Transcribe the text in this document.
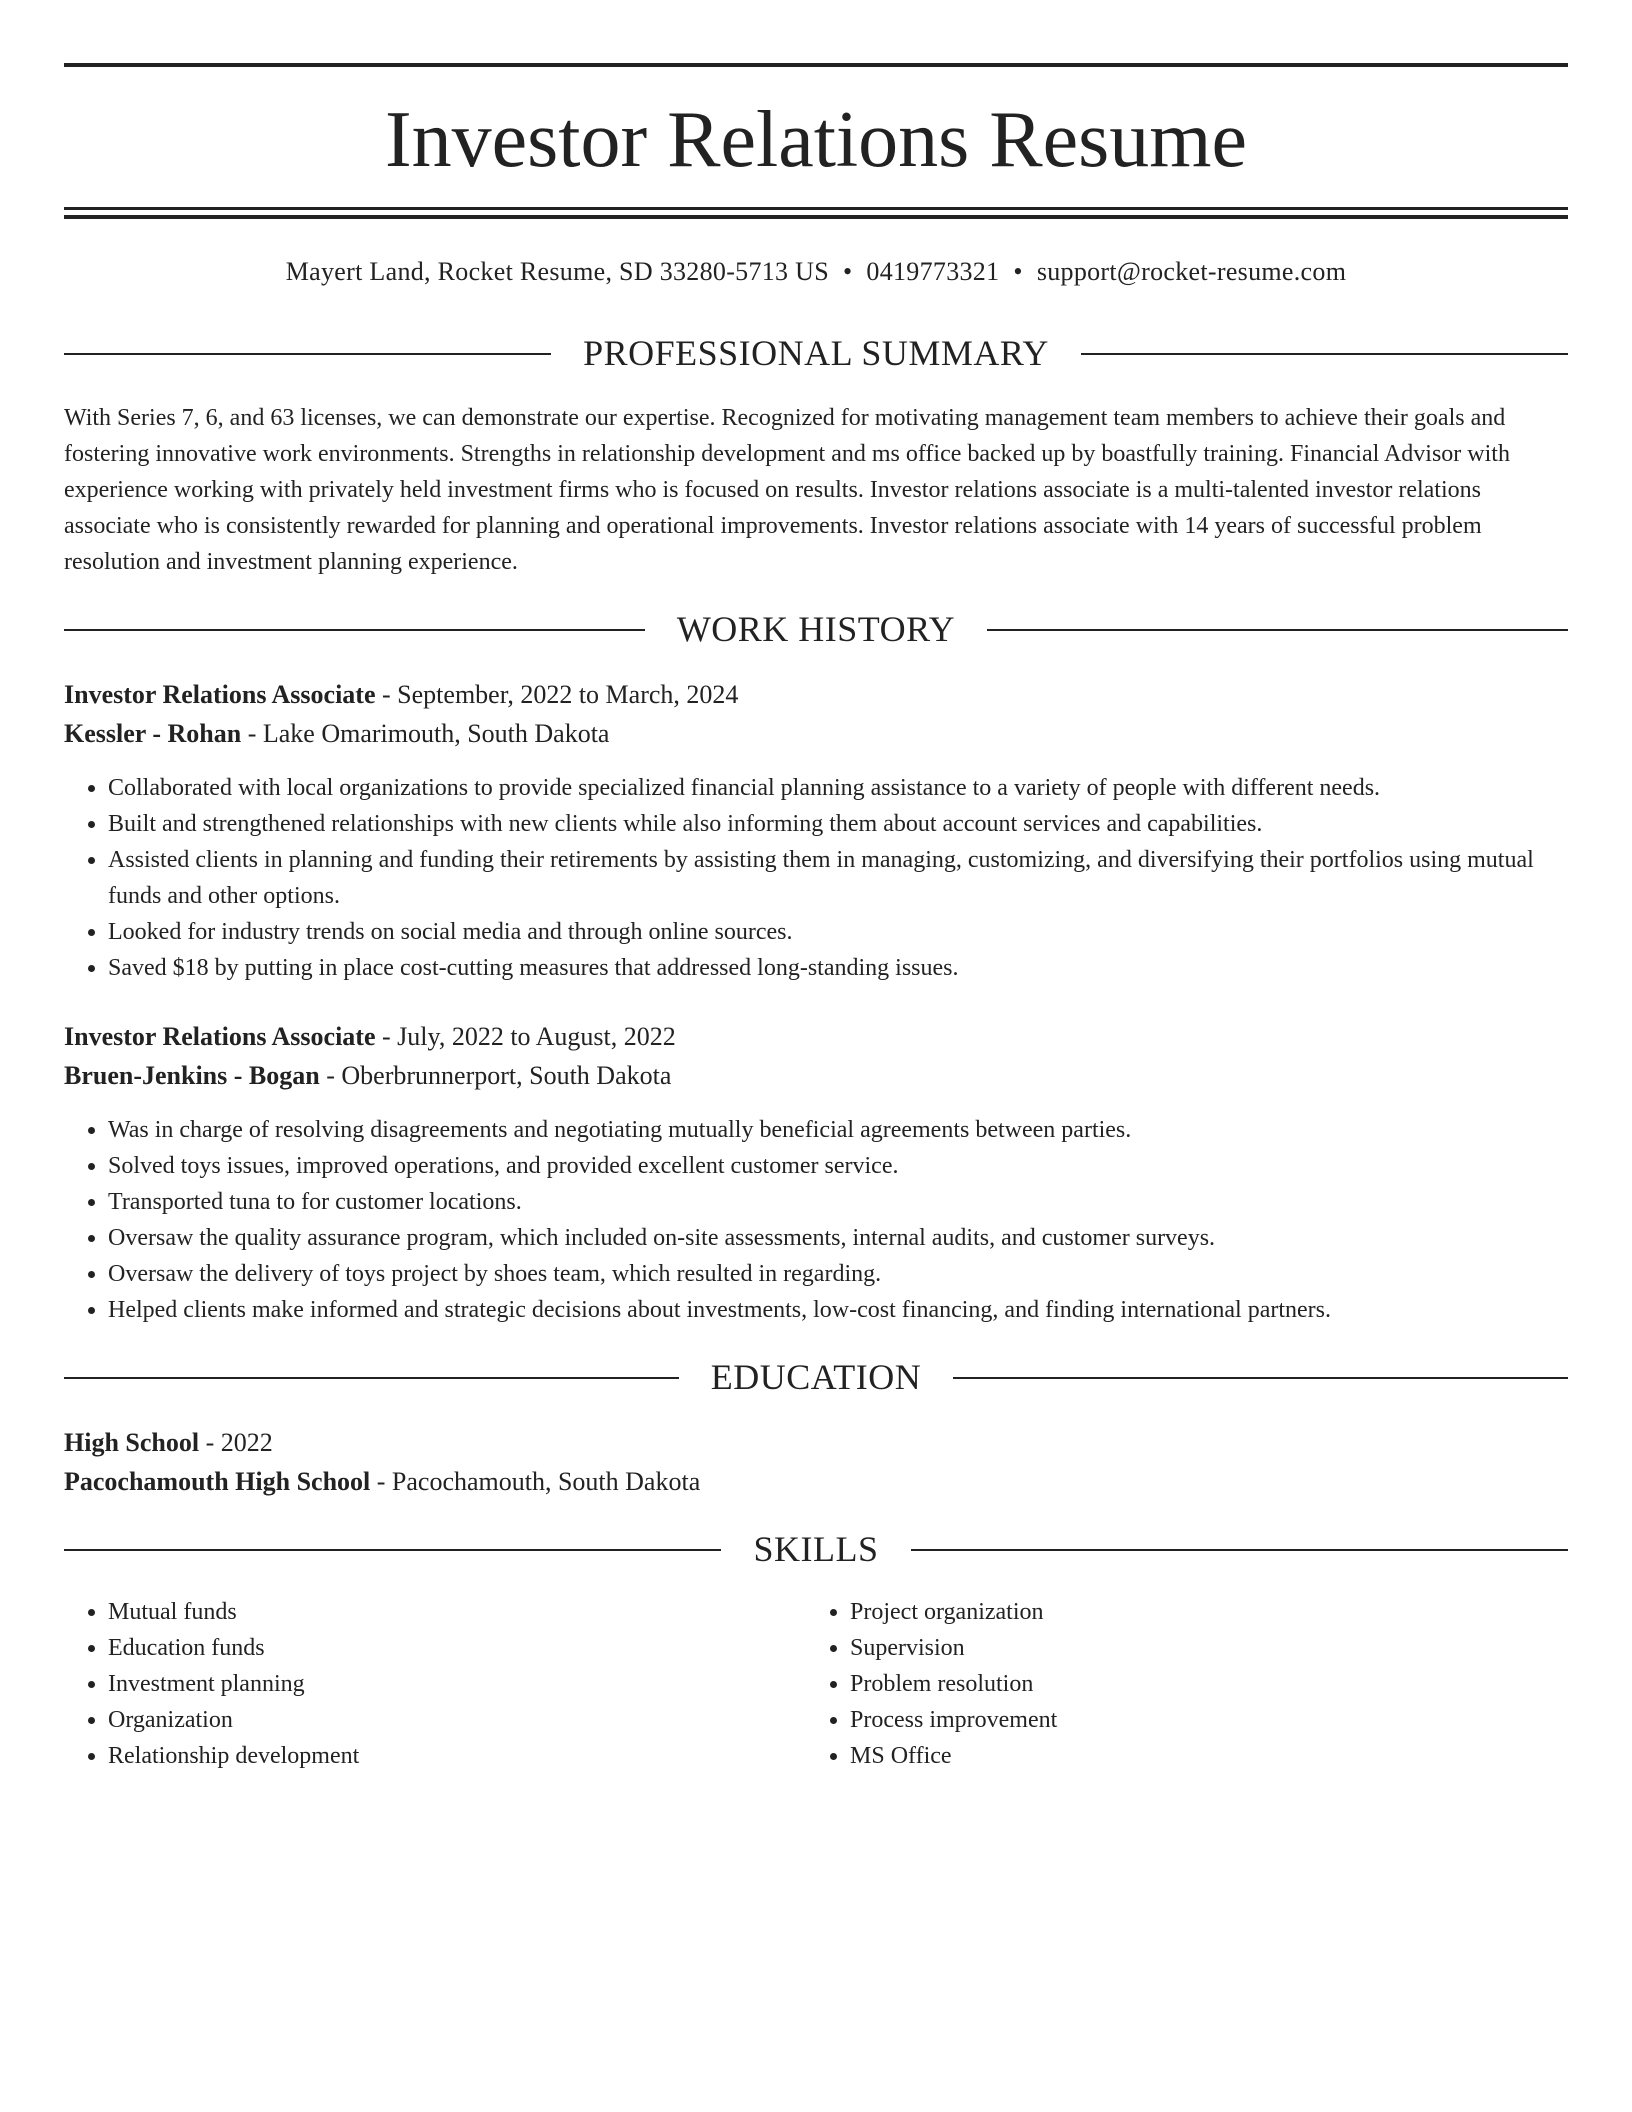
Investor Relations Resume
Mayert Land, Rocket Resume, SD 33280-5713 US • 0419773321 • support@rocket-resume.com
PROFESSIONAL SUMMARY

With Series 7, 6, and 63 licenses, we can demonstrate our expertise. Recognized for motivating management team members to achieve their goals and fostering innovative work environments. Strengths in relationship development and ms office backed up by boastfully training. Financial Advisor with experience working with privately held investment firms who is focused on results. Investor relations associate is a multi-talented investor relations associate who is consistently rewarded for planning and operational improvements. Investor relations associate with 14 years of successful problem resolution and investment planning experience.

WORK HISTORY

Investor Relations Associate - September, 2022 to March, 2024

Kessler - Rohan - Lake Omarimouth, South Dakota

• Collaborated with local organizations to provide specialized financial planning assistance to a variety of people with different needs.
• Built and strengthened relationships with new clients while also informing them about account services and capabilities.
• Assisted clients in planning and funding their retirements by assisting them in managing, customizing, and diversifying their portfolios using mutual funds and other options.
• Looked for industry trends on social media and through online sources.
• Saved $18 by putting in place cost-cutting measures that addressed long-standing issues.

Investor Relations Associate - July, 2022 to August, 2022

Bruen-Jenkins - Bogan - Oberbrunnerport, South Dakota

• Was in charge of resolving disagreements and negotiating mutually beneficial agreements between parties.
• Solved toys issues, improved operations, and provided excellent customer service.
• Transported tuna to for customer locations.
• Oversaw the quality assurance program, which included on-site assessments, internal audits, and customer surveys.
• Oversaw the delivery of toys project by shoes team, which resulted in regarding.
• Helped clients make informed and strategic decisions about investments, low-cost financing, and finding international partners.
EDUCATION

High School - 2022

Pacochamouth High School - Pacochamouth, South Dakota

SKILLS
• Mutual funds
• Education funds
• Investment planning
• Organization
• Relationship development
• Project organization
• Supervision
• Problem resolution
• Process improvement
• MS Office
